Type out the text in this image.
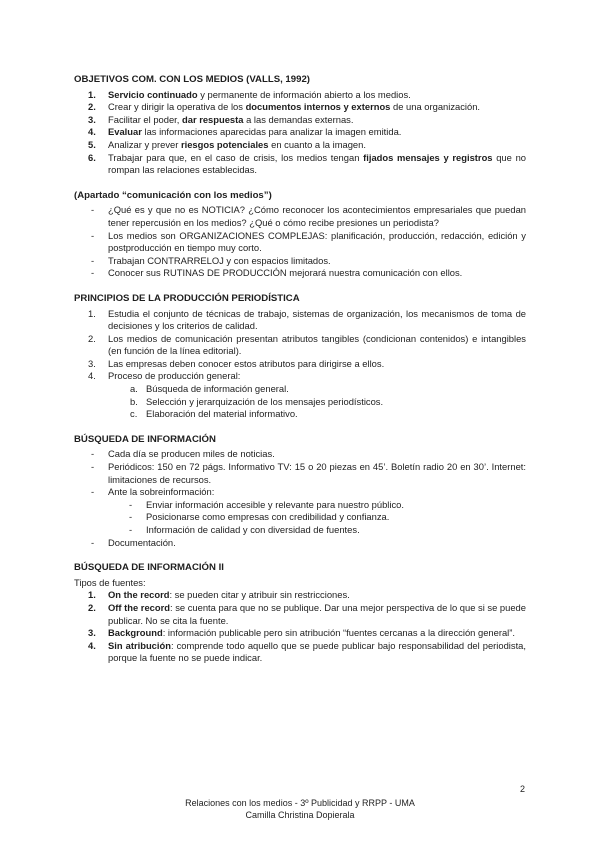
OBJETIVOS COM. CON LOS MEDIOS (VALLS, 1992)
1.	Servicio continuado y permanente de información abierto a los medios.
2.	Crear y dirigir la operativa de los documentos internos y externos de una organización.
3.	Facilitar el poder, dar respuesta a las demandas externas.
4.	Evaluar las informaciones aparecidas para analizar la imagen emitida.
5.	Analizar y prever riesgos potenciales en cuanto a la imagen.
6.	Trabajar para que, en el caso de crisis, los medios tengan fijados mensajes y registros que no rompan las relaciones establecidas.
(Apartado “comunicación con los medios”)
- ¿Qué es y que no es NOTICIA? ¿Cómo reconocer los acontecimientos empresariales que puedan tener repercusión en los medios? ¿Qué o cómo recibe presiones un periodista?
- Los medios son ORGANIZACIONES COMPLEJAS: planificación, producción, redacción, edición y postproducción en tiempo muy corto.
- Trabajan CONTRARRELOJ y con espacios limitados.
- Conocer sus RUTINAS DE PRODUCCIÓN mejorará nuestra comunicación con ellos.
PRINCIPIOS DE LA PRODUCCIÓN PERIODÍSTICA
1.	Estudia el conjunto de técnicas de trabajo, sistemas de organización, los mecanismos de toma de decisiones y los criterios de calidad.
2.	Los medios de comunicación presentan atributos tangibles (condicionan contenidos) e intangibles (en función de la línea editorial).
3.	Las empresas deben conocer estos atributos para dirigirse a ellos.
4.	Proceso de producción general:
a. Búsqueda de información general.
b. Selección y jerarquización de los mensajes periodísticos.
c. Elaboración del material informativo.
BÚSQUEDA DE INFORMACIÓN
- Cada día se producen miles de noticias.
- Periódicos: 150 en 72 págs. Informativo TV: 15 o 20 piezas en 45’. Boletín radio 20 en 30’. Internet: limitaciones de recursos.
- Ante la sobreinformación:
- Enviar información accesible y relevante para nuestro público.
- Posicionarse como empresas con credibilidad y confianza.
- Información de calidad y con diversidad de fuentes.
- Documentación.
BÚSQUEDA DE INFORMACIÓN II
Tipos de fuentes:
1.	On the record: se pueden citar y atribuir sin restricciones.
2.	Off the record: se cuenta para que no se publique. Dar una mejor perspectiva de lo que si se puede publicar. No se cita la fuente.
3.	Background: información publicable pero sin atribución “fuentes cercanas a la dirección general”.
4.	Sin atribución: comprende todo aquello que se puede publicar bajo responsabilidad del periodista, porque la fuente no se puede indicar.
2
Relaciones con los medios - 3º Publicidad y RRPP - UMA
Camilla Christina Dopierala
